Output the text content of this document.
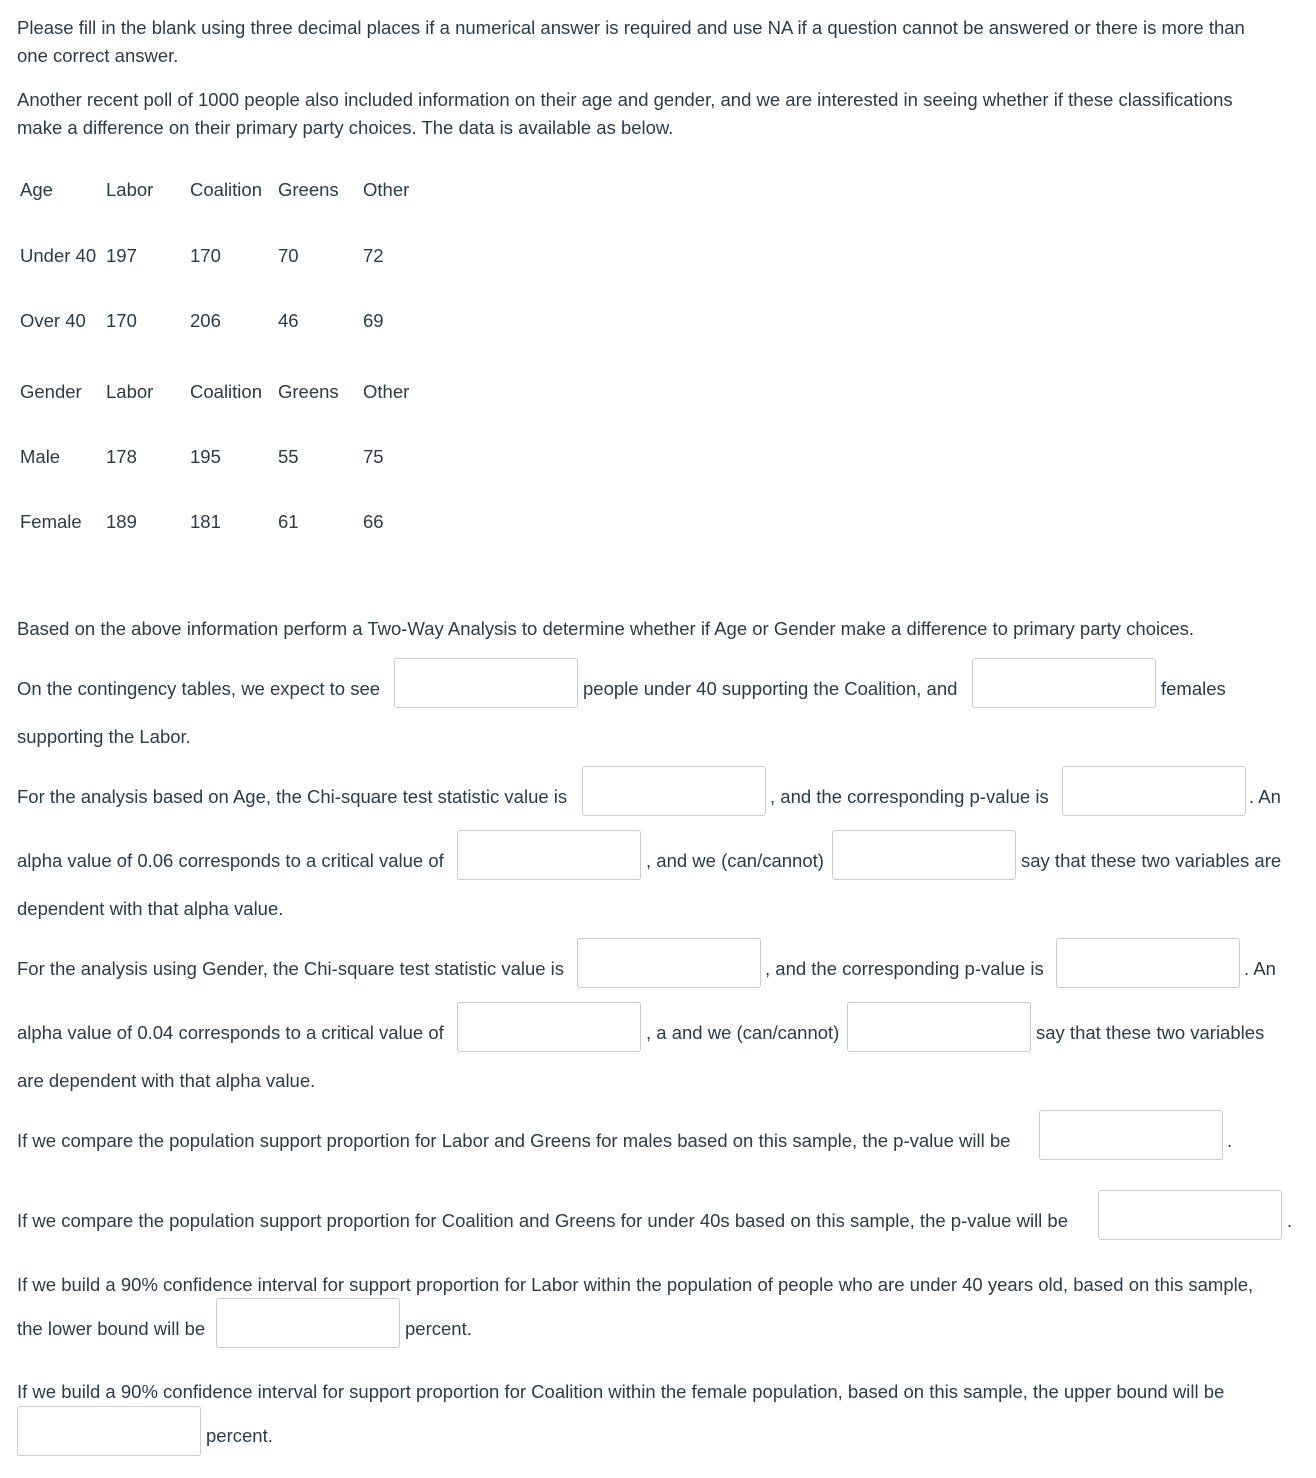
Please fill in the blank using three decimal places if a numerical answer is required and use NA if a question cannot be answered or there is more than
one correct answer.
Another recent poll of 1000 people also included information on their age and gender, and we are interested in seeing whether if these classifications
make a difference on their primary party choices. The data is available as below.
Age	Labor Coalition Greens Other
Under 40 197	170	70	72
Over 40 170	206	46	69
Gender Labor Coalition Greens Other
Male 178	195	55	75
Female 189	181	61	66
Based on the above information perform a Two-Way Analysis to determine whether if Age or Gender make a difference to primary party choices.
On the contingency tables, we expect to see	people under 40 supporting the Coalition, and	females
supporting the Labor.
For the analysis based on Age, the Chi-square test statistic value is	, and the corresponding p-value is	. An
alpha value of 0.06 corresponds to a critical value of	, and we (can/cannot)	say that these two variables are
dependent with that alpha value.
For the analysis using Gender, the Chi-square test statistic value is	, and the corresponding p-value is	. An
alpha value of 0.04 corresponds to a critical value of	, a and we (can/cannot)	say that these two variables
are dependent with that alpha value.
If we compare the population support proportion for Labor and Greens for males based on this sample, the p-value will be	.
If we compare the population support proportion for Coalition and Greens for under 40s based on this sample, the p-value will be	.
If we build a 90% confidence interval for support proportion for Labor within the population of people who are under 40 years old, based on this sample,
the lower bound will be	percent.
If we build a 90% confidence interval for support proportion for Coalition within the female population, based on this sample, the upper bound will be
percent.
